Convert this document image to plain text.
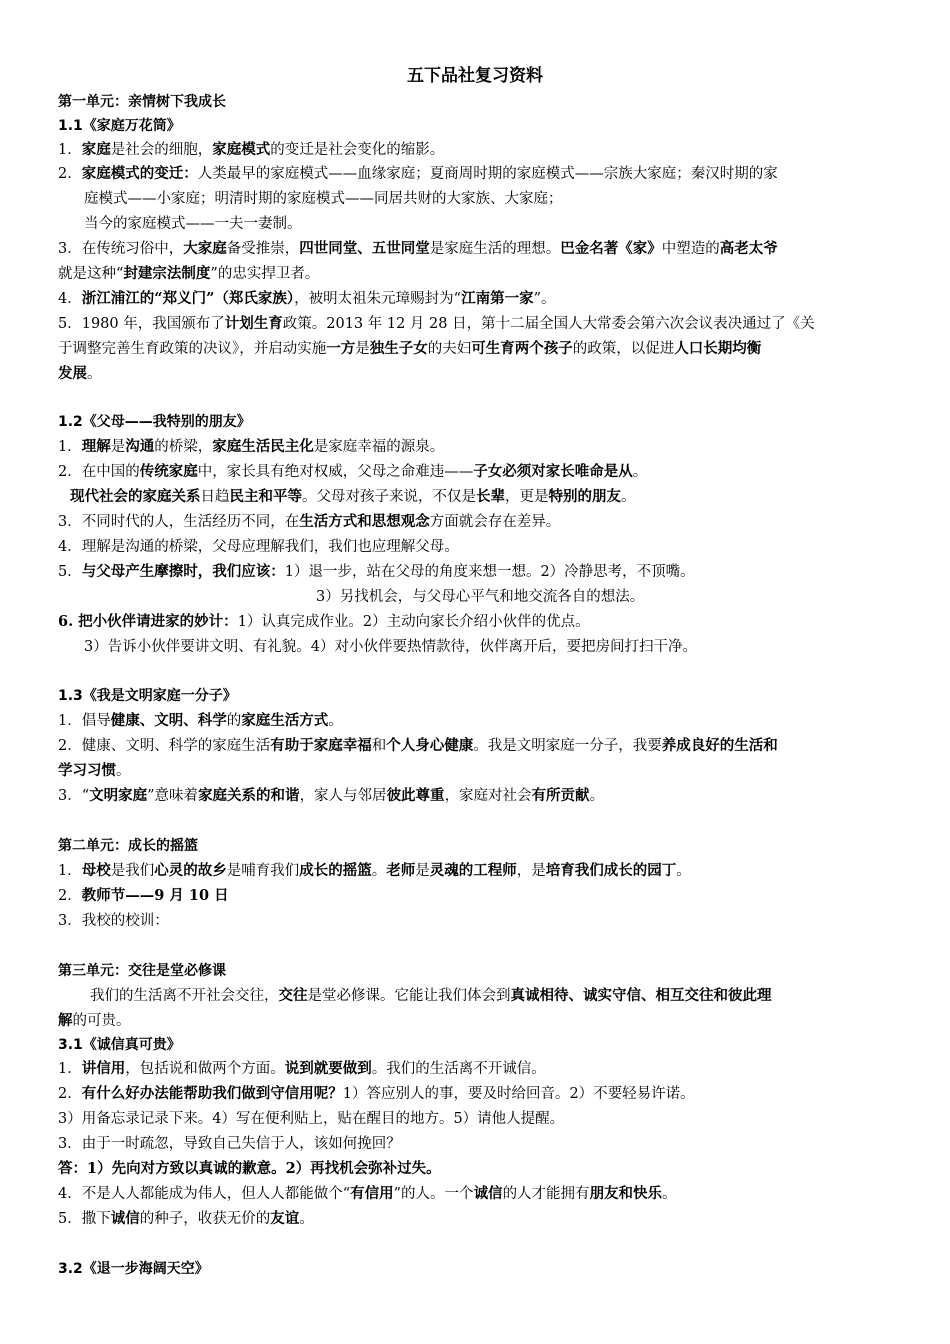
五下品社复习资料
第一单元：亲情树下我成长
1.1《家庭万花筒》
1．家庭是社会的细胞，家庭模式的变迁是社会变化的缩影。
2．家庭模式的变迁：人类最早的家庭模式——血缘家庭；夏商周时期的家庭模式——宗族大家庭；秦汉时期的家
庭模式——小家庭；明清时期的家庭模式——同居共财的大家族、大家庭；
当今的家庭模式——一夫一妻制。
3．在传统习俗中，大家庭备受推崇，四世同堂、五世同堂是家庭生活的理想。巴金名著《家》中塑造的高老太爷
就是这种“封建宗法制度”的忠实捍卫者。
4．浙江浦江的“郑义门”（郑氏家族），被明太祖朱元璋赐封为“江南第一家”。
5．1980 年，我国颁布了计划生育政策。2013 年 12 月 28 日，第十二届全国人大常委会第六次会议表决通过了《关
于调整完善生育政策的决议》，并启动实施一方是独生子女的夫妇可生育两个孩子的政策，以促进人口长期均衡
发展。
1.2《父母——我特别的朋友》
1．理解是沟通的桥梁，家庭生活民主化是家庭幸福的源泉。
2．在中国的传统家庭中，家长具有绝对权威，父母之命难违——子女必须对家长唯命是从。
现代社会的家庭关系日趋民主和平等。父母对孩子来说，不仅是长辈，更是特别的朋友。
3．不同时代的人，生活经历不同，在生活方式和思想观念方面就会存在差异。
4．理解是沟通的桥梁，父母应理解我们，我们也应理解父母。
5．与父母产生摩擦时，我们应该：1）退一步，站在父母的角度来想一想。2）冷静思考，不顶嘴。
3）另找机会，与父母心平气和地交流各自的想法。
6. 把小伙伴请进家的妙计：1）认真完成作业。2）主动向家长介绍小伙伴的优点。
3）告诉小伙伴要讲文明、有礼貌。4）对小伙伴要热情款待，伙伴离开后，要把房间打扫干净。
1.3《我是文明家庭一分子》
1．倡导健康、文明、科学的家庭生活方式。
2．健康、文明、科学的家庭生活有助于家庭幸福和个人身心健康。我是文明家庭一分子，我要养成良好的生活和
学习习惯。
3．“文明家庭”意味着家庭关系的和谐，家人与邻居彼此尊重，家庭对社会有所贡献。
第二单元：成长的摇篮
1．母校是我们心灵的故乡是哺育我们成长的摇篮。老师是灵魂的工程师，是培育我们成长的园丁。
2．教师节——9 月 10 日
3．我校的校训：
第三单元：交往是堂必修课
我们的生活离不开社会交往，交往是堂必修课。它能让我们体会到真诚相待、诚实守信、相互交往和彼此理
解的可贵。
3.1《诚信真可贵》
1．讲信用，包括说和做两个方面。说到就要做到。我们的生活离不开诚信。
2．有什么好办法能帮助我们做到守信用呢？1）答应别人的事，要及时给回音。2）不要轻易许诺。
3）用备忘录记录下来。4）写在便利贴上，贴在醒目的地方。5）请他人提醒。
3．由于一时疏忽，导致自己失信于人，该如何挽回？
答：1）先向对方致以真诚的歉意。2）再找机会弥补过失。
4．不是人人都能成为伟人，但人人都能做个“有信用”的人。一个诚信的人才能拥有朋友和快乐。
5．撒下诚信的种子，收获无价的友谊。
3.2《退一步海阔天空》
